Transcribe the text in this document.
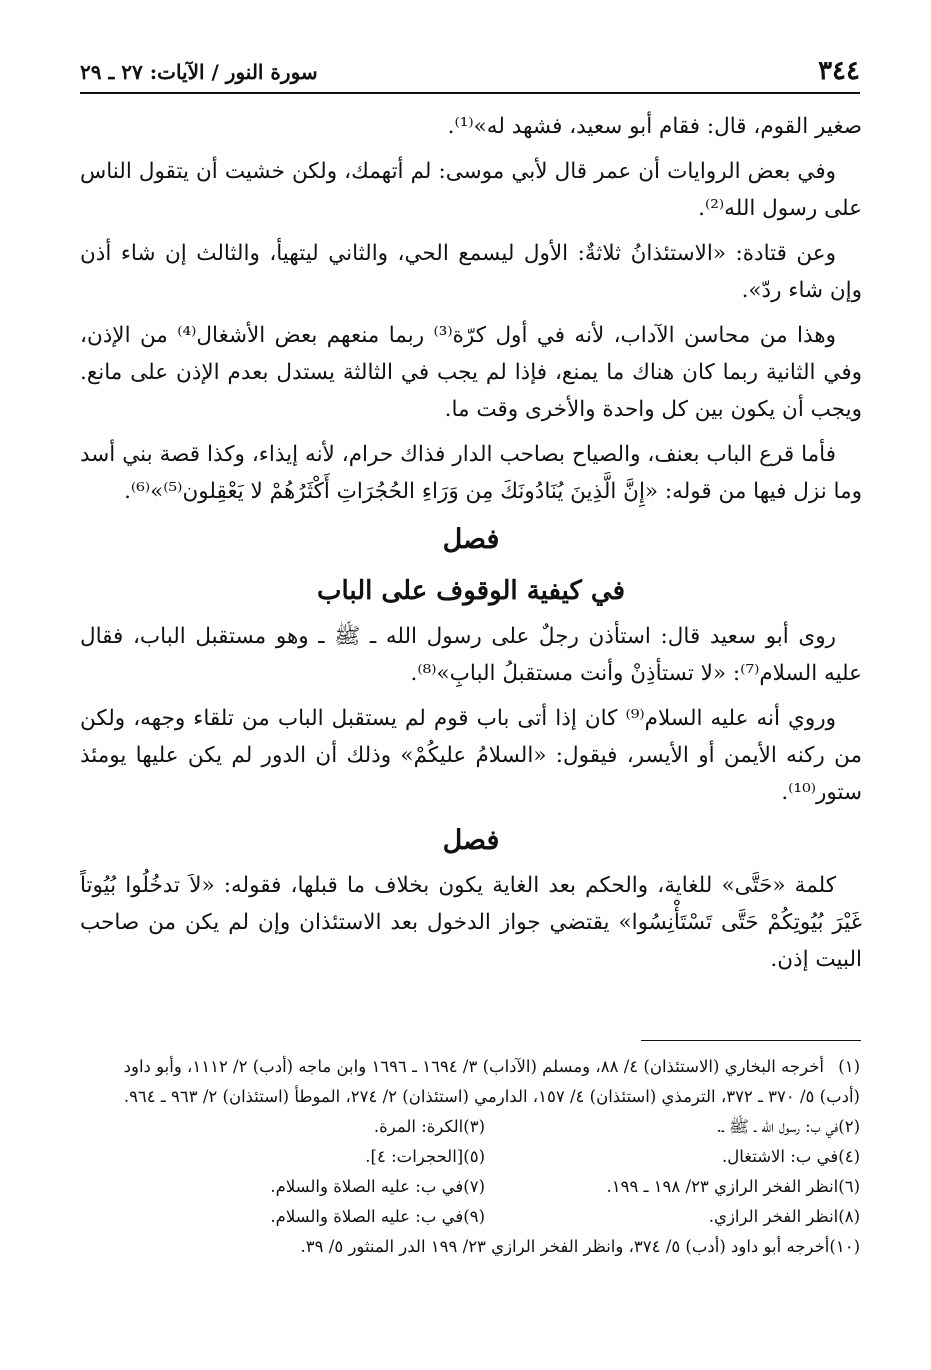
٣٤٤
سورة النور / الآيات: ٢٧ ـ ٢٩

صغير القوم، قال: فقام أبو سعيد، فشهد له»⁽¹⁾.

وفي بعض الروايات أن عمر قال لأبي موسى: لم أتهمك، ولكن خشيت أن يتقول الناس على رسول الله⁽²⁾.

وعن قتادة: «الاستئذانُ ثلاثةٌ: الأول ليسمع الحي، والثاني ليتهيأ، والثالث إن شاء أذن وإن شاء ردّ».

وهذا من محاسن الآداب، لأنه في أول كرّة⁽³⁾ ربما منعهم بعض الأشغال⁽⁴⁾ من الإذن، وفي الثانية ربما كان هناك ما يمنع، فإذا لم يجب في الثالثة يستدل بعدم الإذن على مانع. ويجب أن يكون بين كل واحدة والأخرى وقت ما.

فأما قرع الباب بعنف، والصياح بصاحب الدار فذاك حرام، لأنه إيذاء، وكذا قصة بني أسد وما نزل فيها من قوله: «إِنَّ الَّذِينَ يُنَادُونَكَ مِن وَرَاءِ الحُجُرَاتِ أَكْثَرُهُمْ لا يَعْقِلون⁽⁵⁾»⁽⁶⁾.

فصل
في كيفية الوقوف على الباب

روى أبو سعيد قال: استأذن رجلٌ على رسول الله ـ ﷺ ـ وهو مستقبل الباب، فقال عليه السلام⁽⁷⁾: «لا تستأذِنْ وأنت مستقبلُ البابِ»⁽⁸⁾.

وروي أنه عليه السلام⁽⁹⁾ كان إذا أتى باب قوم لم يستقبل الباب من تلقاء وجهه، ولكن من ركنه الأيمن أو الأيسر، فيقول: «السلامُ عليكُمْ» وذلك أن الدور لم يكن عليها يومئذ ستور⁽¹⁰⁾.

فصل

كلمة «حَتَّى» للغاية، والحكم بعد الغاية يكون بخلاف ما قبلها، فقوله: «لاَ تدخُلُوا بُيُوتاً غَيْرَ بُيُوتِكُمْ حَتَّى تَسْتَأْنِسُوا» يقتضي جواز الدخول بعد الاستئذان وإن لم يكن من صاحب البيت إذن.

(١)أخرجه البخاري (الاستئذان) ٤/ ٨٨، ومسلم (الآداب) ٣/ ١٦٩٤ ـ ١٦٩٦ وابن ماجه (أدب) ٢/ ١١١٢، وأبو داود (أدب) ٥/ ٣٧٠ ـ ٣٧٢، الترمذي (استئذان) ٤/ ١٥٧، الدارمي (استئذان) ٢/ ٢٧٤، الموطأ (استئذان) ٢/ ٩٦٣ ـ ٩٦٤.
(٢)في ب: رسول الله ـ ﷺ ـ.
(٣)الكرة: المرة.
(٤)في ب: الاشتغال.
(٥)[الحجرات: ٤].
(٦)انظر الفخر الرازي ٢٣/ ١٩٨ ـ ١٩٩.
(٧)في ب: عليه الصلاة والسلام.
(٨)انظر الفخر الرازي.
(٩)في ب: عليه الصلاة والسلام.
(١٠)أخرجه أبو داود (أدب) ٥/ ٣٧٤، وانظر الفخر الرازي ٢٣/ ١٩٩ الدر المنثور ٥/ ٣٩.
